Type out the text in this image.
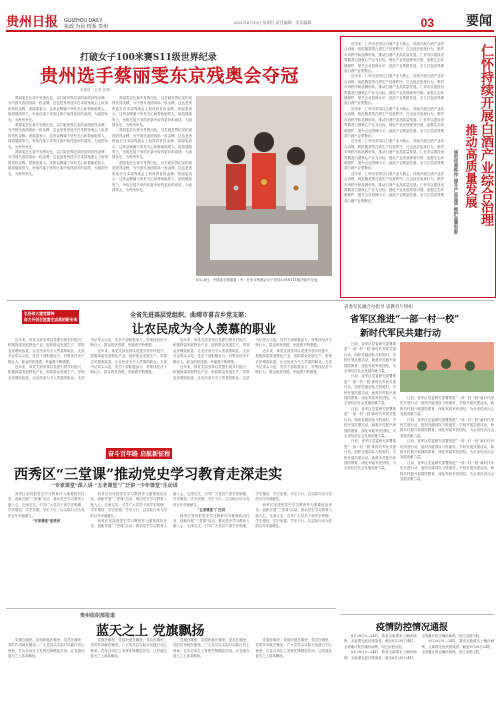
贵州日报 GUIZHOU DAILY
执政 为民 情系 贵州
2021年8月29日 星期日 责任编辑 · 美术编辑	03 要闻
打破女子100米赛S11级世界纪录
贵州选手蔡丽雯东京残奥会夺冠
本报讯（记者 贺辉）

蔡丽雯在比赛中发挥出色，以打破世界纪录的成绩获得金牌，为中国代表团再添一枚金牌，这也是贵州选手在本届残奥会上取得的首枚金牌。蔡丽雯表示，这块金牌属于所有关心和帮助她的人，她将继续努力，争取在接下来的比赛中取得更好的成绩，为祖国争光，为贵州争光。

蔡丽雯在比赛中发挥出色，以打破世界纪录的成绩获得金牌，为中国代表团再添一枚金牌，这也是贵州选手在本届残奥会上取得的首枚金牌。蔡丽雯表示，这块金牌属于所有关心和帮助她的人，她将继续努力，争取在接下来的比赛中取得更好的成绩，为祖国争光，为贵州争光。

蔡丽雯在比赛中发挥出色，以打破世界纪录的成绩获得金牌，为中国代表团再添一枚金牌，这也是贵州选手在本届残奥会上取得的首枚金牌。蔡丽雯表示，这块金牌属于所有关心和帮助她的人，她将继续努力，争取在接下来的比赛中取得更好的成绩，为祖国争光，为贵州争光。

蔡丽雯在比赛中发挥出色，以打破世界纪录的成绩获得金牌，为中国代表团再添一枚金牌，这也是贵州选手在本届残奥会上取得的首枚金牌。蔡丽雯表示，这块金牌属于所有关心和帮助她的人，她将继续努力，争取在接下来的比赛中取得更好的成绩，为祖国争光，为贵州争光。

蔡丽雯在比赛中发挥出色，以打破世界纪录的成绩获得金牌，为中国代表团再添一枚金牌，这也是贵州选手在本届残奥会上取得的首枚金牌。蔡丽雯表示，这块金牌属于所有关心和帮助她的人，她将继续努力，争取在接下来的比赛中取得更好的成绩，为祖国争光，为贵州争光。

蔡丽雯在比赛中发挥出色，以打破世界纪录的成绩获得金牌，为中国代表团再添一枚金牌，这也是贵州选手在本届残奥会上取得的首枚金牌。蔡丽雯表示，这块金牌属于所有关心和帮助她的人，她将继续努力，争取在接下来的比赛中取得更好的成绩，为祖国争光，为贵州争光。

8月28日，中国选手蔡丽雯（中）在东京残奥会女子田径100米T11级决赛中夺冠。

近年来，仁怀市坚持以白酒产业为核心，持续开展白酒产业综合治理，规范酱香型白酒生产经营秩序，打击违法违规行为，维护市场秩序和品牌形象，推动白酒产业高质量发展。仁怀市以建设世界酱香白酒核心产区为目标，强化产业发展规划引领，加强生态环境保护，提升企业管理水平，促进产业集群发展，全力打造世界酱香白酒产业集聚区。

近年来，仁怀市坚持以白酒产业为核心，持续开展白酒产业综合治理，规范酱香型白酒生产经营秩序，打击违法违规行为，维护市场秩序和品牌形象，推动白酒产业高质量发展。仁怀市以建设世界酱香白酒核心产区为目标，强化产业发展规划引领，加强生态环境保护，提升企业管理水平，促进产业集群发展，全力打造世界酱香白酒产业集聚区。

近年来，仁怀市坚持以白酒产业为核心，持续开展白酒产业综合治理，规范酱香型白酒生产经营秩序，打击违法违规行为，维护市场秩序和品牌形象，推动白酒产业高质量发展。仁怀市以建设世界酱香白酒核心产区为目标，强化产业发展规划引领，加强生态环境保护，提升企业管理水平，促进产业集群发展，全力打造世界酱香白酒产业集聚区。

近年来，仁怀市坚持以白酒产业为核心，持续开展白酒产业综合治理，规范酱香型白酒生产经营秩序，打击违法违规行为，维护市场秩序和品牌形象，推动白酒产业高质量发展。仁怀市以建设世界酱香白酒核心产区为目标，强化产业发展规划引领，加强生态环境保护，提升企业管理水平，促进产业集群发展，全力打造世界酱香白酒产业集聚区。

近年来，仁怀市坚持以白酒产业为核心，持续开展白酒产业综合治理，规范酱香型白酒生产经营秩序，打击违法违规行为，维护市场秩序和品牌形象，推动白酒产业高质量发展。仁怀市以建设世界酱香白酒核心产区为目标，强化产业发展规划引领，加强生态环境保护，提升企业管理水平，促进产业集群发展，全力打造世界酱香白酒产业集聚区。	仁怀持续开展白酒产业综合治理
推动高质量发展
规范经营秩序 提升产品品质 维护品牌形象
弘扬伟大建党精神
奋力开创百姓富生态美的新未来
全省先进基层党组织、曲靖市喜吉乡党支部：
让农民成为令人羡慕的职业

近年来，该党支部坚持以党建引领乡村振兴，积极探索发展特色产业，组织群众发展生产，带领农民增收致富，让农民成为令人羡慕的职业。支部书记带头示范，党员干部积极参与，村集体经济不断壮大，群众的获得感、幸福感不断增强。

近年来，该党支部坚持以党建引领乡村振兴，积极探索发展特色产业，组织群众发展生产，带领农民增收致富，让农民成为令人羡慕的职业。支部书记带头示范，党员干部积极参与，村集体经济不断壮大，群众的获得感、幸福感不断增强。

近年来，该党支部坚持以党建引领乡村振兴，积极探索发展特色产业，组织群众发展生产，带领农民增收致富，让农民成为令人羡慕的职业。支部书记带头示范，党员干部积极参与，村集体经济不断壮大，群众的获得感、幸福感不断增强。

近年来，该党支部坚持以党建引领乡村振兴，积极探索发展特色产业，组织群众发展生产，带领农民增收致富，让农民成为令人羡慕的职业。支部书记带头示范，党员干部积极参与，村集体经济不断壮大，群众的获得感、幸福感不断增强。

近年来，该党支部坚持以党建引领乡村振兴，积极探索发展特色产业，组织群众发展生产，带领农民增收致富，让农民成为令人羡慕的职业。支部书记带头示范，党员干部积极参与，村集体经济不断壮大，群众的获得感、幸福感不断增强。

近年来，该党支部坚持以党建引领乡村振兴，积极探索发展特色产业，组织群众发展生产，带领农民增收致富，让农民成为令人羡慕的职业。支部书记带头示范，党员干部积极参与，村集体经济不断壮大，群众的获得感、幸福感不断增强。

奋斗百年路 启航新征程
西秀区“三堂课”推动党史学习教育走深走实
“专家课堂”深入讲 “五老课堂”广泛讲 “少年课堂”生动讲

西秀区坚持把党史学习教育作为重要政治任务，创新开展“三堂课”活动，推动党史学习教育入脑入心、走深走实，引导广大党员干部学史明理、学史增信、学史崇德、学史力行，以实际行动为党的百年华诞献礼。

“专家课堂”系统讲

西秀区坚持把党史学习教育作为重要政治任务，创新开展“三堂课”活动，推动党史学习教育入脑入心、走深走实，引导广大党员干部学史明理、学史增信、学史崇德、学史力行，以实际行动为党的百年华诞献礼。

西秀区坚持把党史学习教育作为重要政治任务，创新开展“三堂课”活动，推动党史学习教育入脑入心、走深走实，引导广大党员干部学史明理、学史增信、学史崇德、学史力行，以实际行动为党的百年华诞献礼。

“五老课堂”广泛讲

西秀区坚持把党史学习教育作为重要政治任务，创新开展“三堂课”活动，推动党史学习教育入脑入心、走深走实，引导广大党员干部学史明理、学史增信、学史崇德、学史力行，以实际行动为党的百年华诞献礼。

西秀区坚持把党史学习教育作为重要政治任务，创新开展“三堂课”活动，推动党史学习教育入脑入心、走深走实，引导广大党员干部学史明理、学史增信、学史崇德、学史力行，以实际行动为党的百年华诞献礼。

贵州组织部报道
蓝天之上 党旗飘扬

党旗在哪里，党组织就在哪里；党员在哪里，党的作用就在哪里。广大党员以实际行动践行初心使命，在各自岗位上发挥先锋模范作用，让党旗在蓝天之上高高飘扬。

党旗在哪里，党组织就在哪里；党员在哪里，党的作用就在哪里。广大党员以实际行动践行初心使命，在各自岗位上发挥先锋模范作用，让党旗在蓝天之上高高飘扬。

党旗在哪里，党组织就在哪里；党员在哪里，党的作用就在哪里。广大党员以实际行动践行初心使命，在各自岗位上发挥先锋模范作用，让党旗在蓝天之上高高飘扬。

党旗在哪里，党组织就在哪里；党员在哪里，党的作用就在哪里。广大党员以实际行动践行初心使命，在各自岗位上发挥先锋模范作用，让党旗在蓝天之上高高飘扬。

省委军民融合办指导 省教育厅组织
省军区推进“一部一村一校”
新时代军民共建行动

日前，省军区党委研究部署推进“一部一村一校”新时代军民共建行动，组织各级部队与驻地村、学校开展共建活动，助推乡村振兴和国防教育，深化军政军民团结，为全省经济社会发展贡献力量。

日前，省军区党委研究部署推进“一部一村一校”新时代军民共建行动，组织各级部队与驻地村、学校开展共建活动，助推乡村振兴和国防教育，深化军政军民团结，为全省经济社会发展贡献力量。

日前，省军区党委研究部署推进“一部一村一校”新时代军民共建行动，组织各级部队与驻地村、学校开展共建活动，助推乡村振兴和国防教育，深化军政军民团结，为全省经济社会发展贡献力量。

日前，省军区党委研究部署推进“一部一村一校”新时代军民共建行动，组织各级部队与驻地村、学校开展共建活动，助推乡村振兴和国防教育，深化军政军民团结，为全省经济社会发展贡献力量。

日前，省军区党委研究部署推进“一部一村一校”新时代军民共建行动，组织各级部队与驻地村、学校开展共建活动，助推乡村振兴和国防教育，深化军政军民团结，为全省经济社会发展贡献力量。

日前，省军区党委研究部署推进“一部一村一校”新时代军民共建行动，组织各级部队与驻地村、学校开展共建活动，助推乡村振兴和国防教育，深化军政军民团结，为全省经济社会发展贡献力量。

日前，省军区党委研究部署推进“一部一村一校”新时代军民共建行动，组织各级部队与驻地村、学校开展共建活动，助推乡村振兴和国防教育，深化军政军民团结，为全省经济社会发展贡献力量。

日前，省军区党委研究部署推进“一部一村一校”新时代军民共建行动，组织各级部队与驻地村、学校开展共建活动，助推乡村振兴和国防教育，深化军政军民团结，为全省经济社会发展贡献力量。

疫情防控情况通报

8月28日0—24时，我省无新增本土确诊病例，无新增无症状感染者。截至8月28日24时，全省累计报告确诊病例，均已治愈出院。

8月28日0—24时，我省无新增本土确诊病例，无新增无症状感染者。截至8月28日24时，全省累计报告确诊病例，均已治愈出院。

8月28日0—24时，我省无新增本土确诊病例，无新增无症状感染者。截至8月28日24时，全省累计报告确诊病例，均已治愈出院。
